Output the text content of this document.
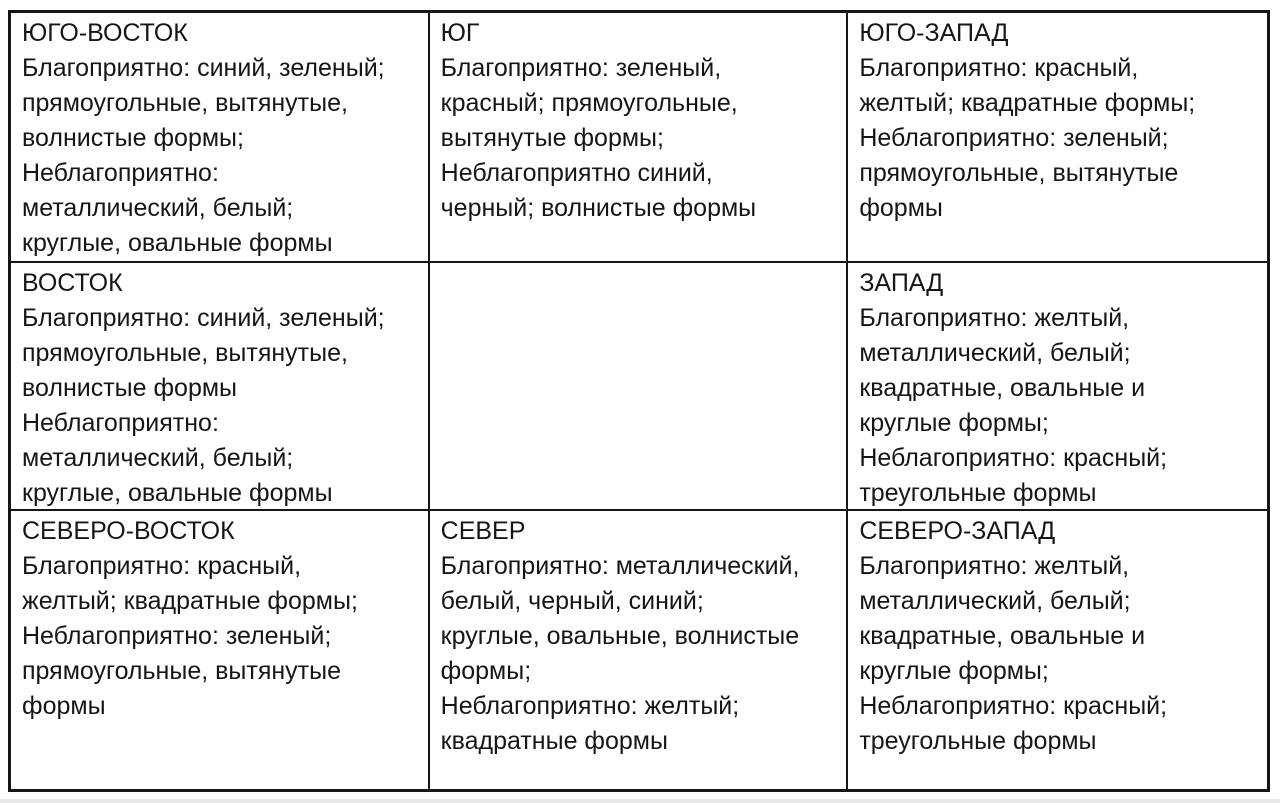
ЮГО-ВОСТОК
Благоприятно: синий, зеленый;
прямоугольные, вытянутые,
волнистые формы;
Неблагоприятно:
металлический, белый;
круглые, овальные формы
ЮГ
Благоприятно: зеленый,
красный; прямоугольные,
вытянутые формы;
Неблагоприятно синий,
черный; волнистые формы
ЮГО-ЗАПАД
Благоприятно: красный,
желтый; квадратные формы;
Неблагоприятно: зеленый;
прямоугольные, вытянутые
формы
ВОСТОК
Благоприятно: синий, зеленый;
прямоугольные, вытянутые,
волнистые формы
Неблагоприятно:
металлический, белый;
круглые, овальные формы
ЗАПАД
Благоприятно: желтый,
металлический, белый;
квадратные, овальные и
круглые формы;
Неблагоприятно: красный;
треугольные формы
СЕВЕРО-ВОСТОК
Благоприятно: красный,
желтый; квадратные формы;
Неблагоприятно: зеленый;
прямоугольные, вытянутые
формы
СЕВЕР
Благоприятно: металлический,
белый, черный, синий;
круглые, овальные, волнистые
формы;
Неблагоприятно: желтый;
квадратные формы
СЕВЕРО-ЗАПАД
Благоприятно: желтый,
металлический, белый;
квадратные, овальные и
круглые формы;
Неблагоприятно: красный;
треугольные формы
